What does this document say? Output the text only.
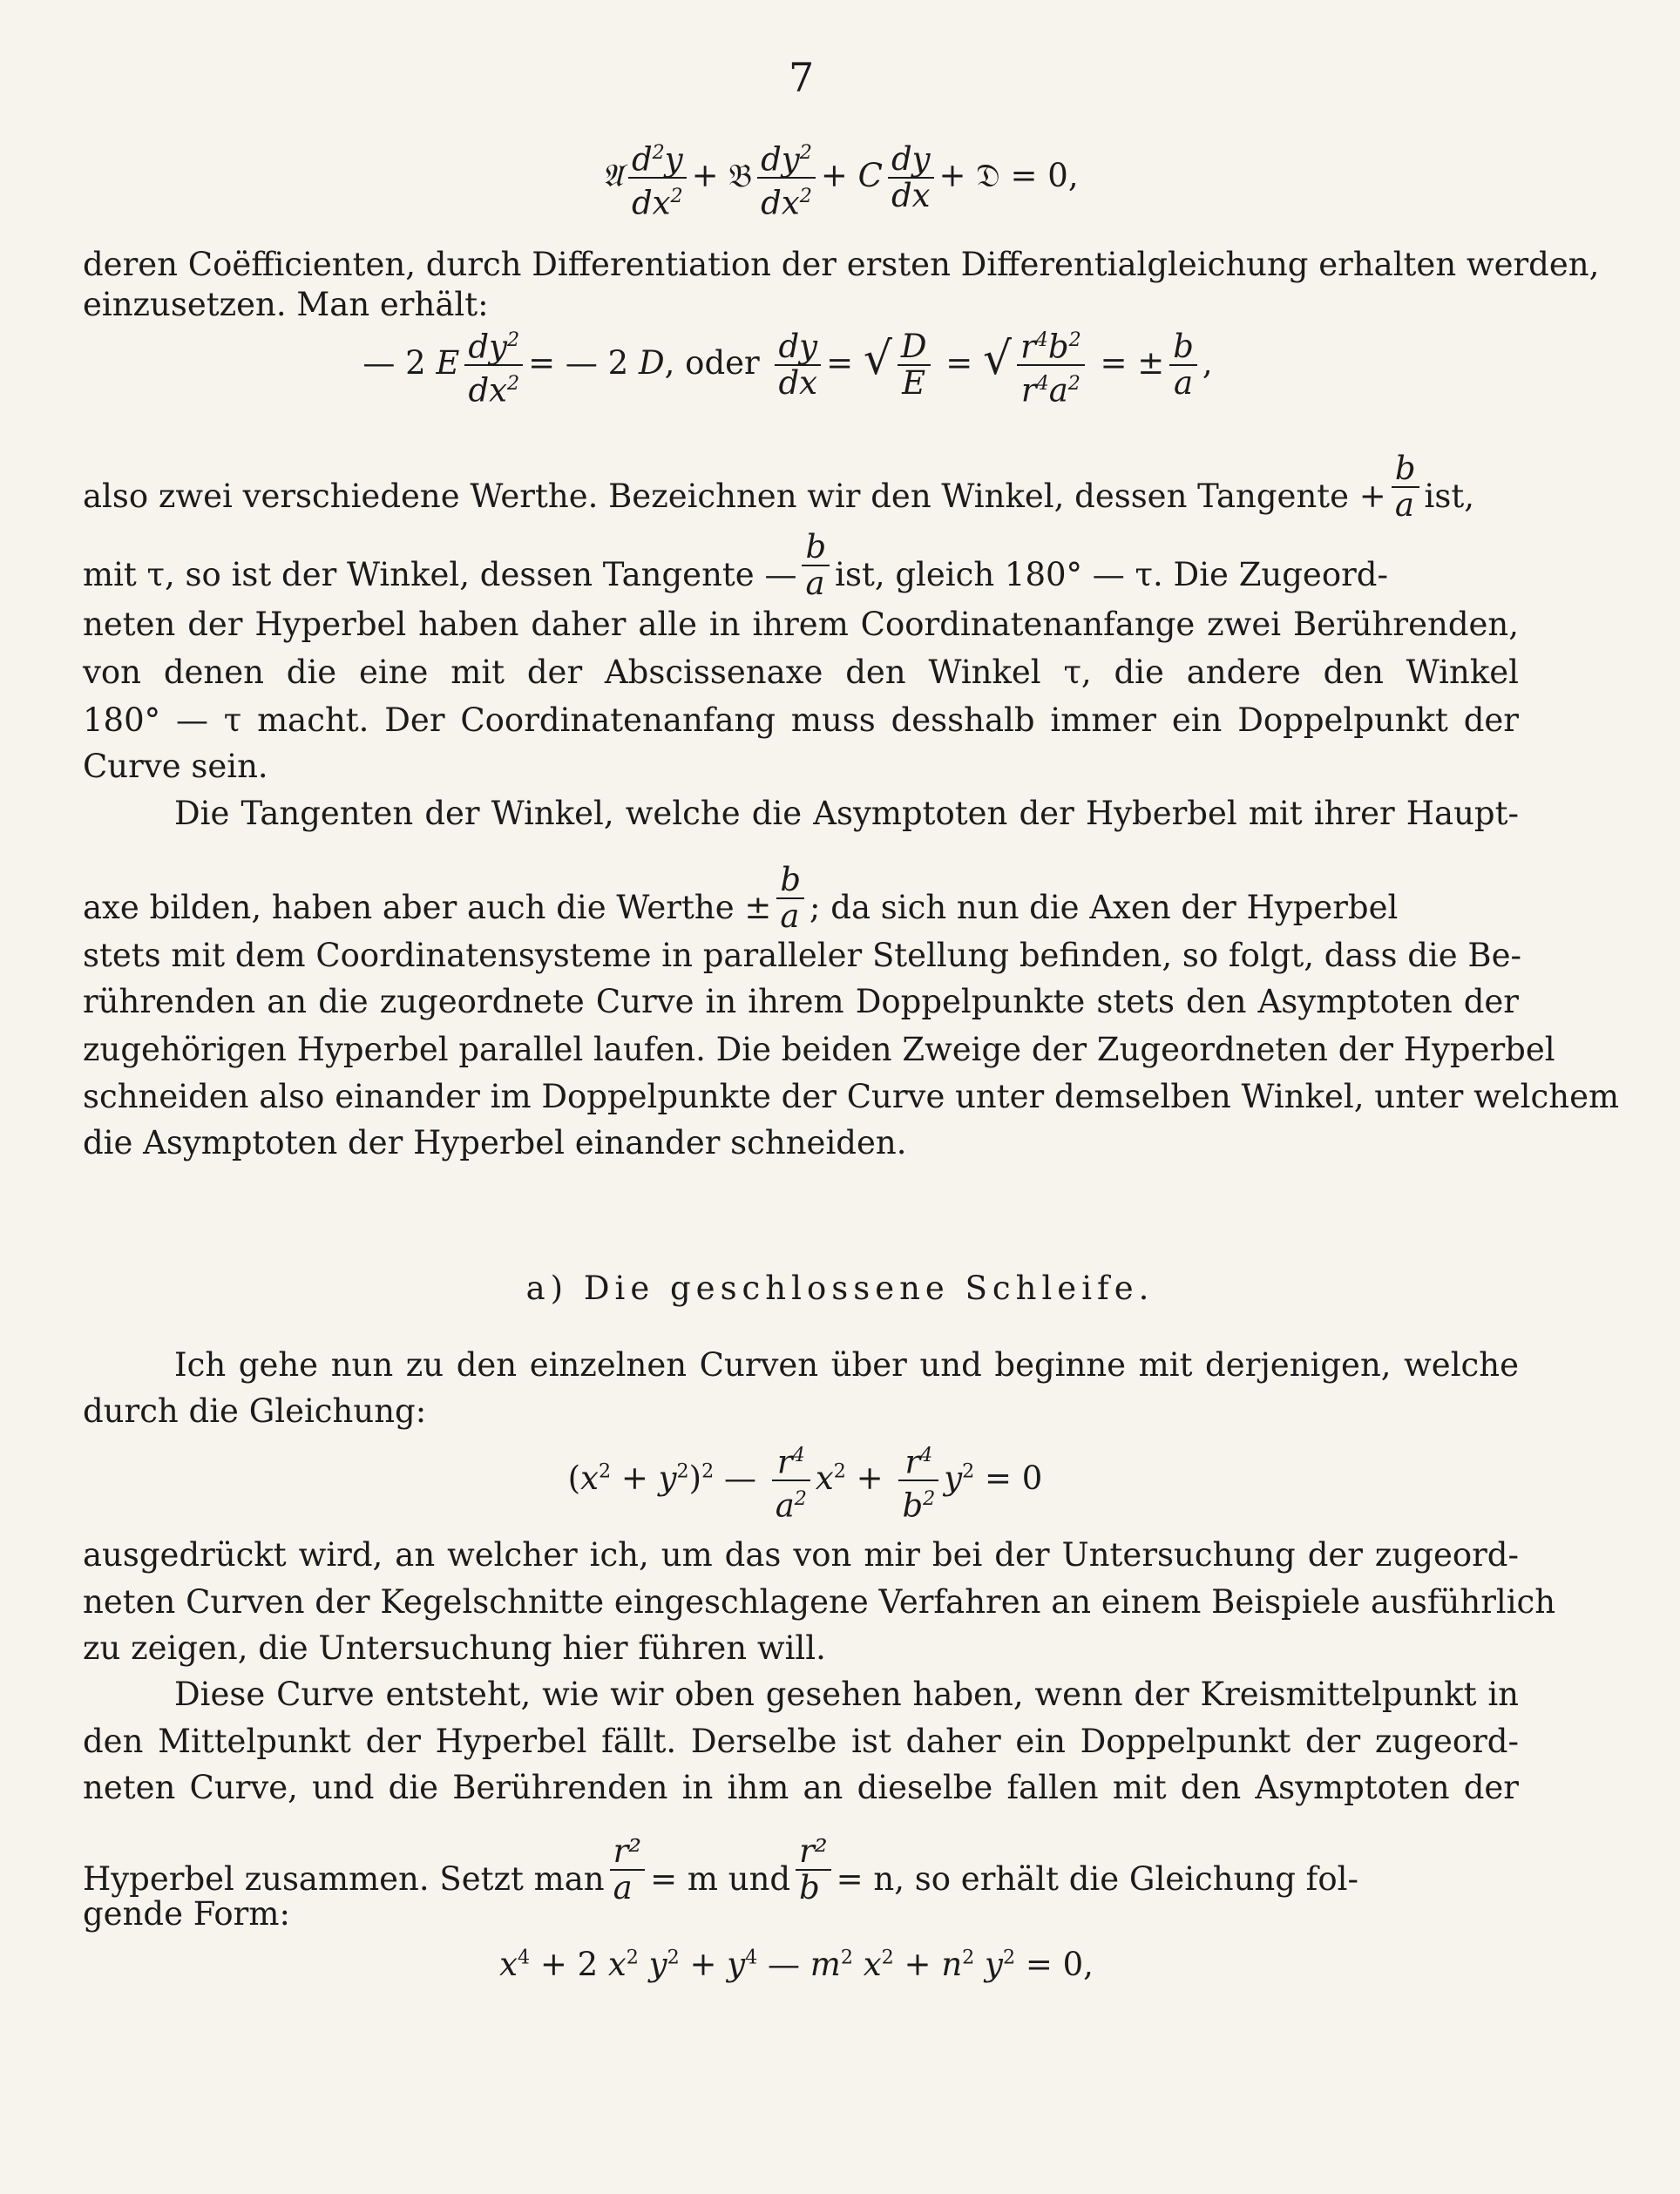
7
𝔄 $\frac{d^2y}{dx^2}$ + 𝔅 $\frac{dy^2}{dx^2} + C \frac{dy}{dx}$ + 𝔇 = 0,
deren Coëfficienten, durch Differentiation der ersten Differentialgleichung erhalten werden,
einzusetzen. Man erhält:
— 2 E $\frac{dy^2}{dx^2}$ = — 2 D, oder $\frac{dy}{dx}$ = √ $\frac{D}{E}$ = √ $\frac{r^4b^2}{r^4a^2}$ = ± $\frac{b}{a}$ ,
also zwei verschiedene Werthe. Bezeichnen wir den Winkel, dessen Tangente + $\frac{b}{a}$ ist,
mit τ, so ist der Winkel, dessen Tangente — $\frac{b}{a}$ ist, gleich 180° — τ. Die Zugeord-
neten der Hyperbel haben daher alle in ihrem Coordinatenanfange zwei Berührenden,
von denen die eine mit der Abscissenaxe den Winkel τ, die andere den Winkel
180° — τ macht. Der Coordinatenanfang muss desshalb immer ein Doppelpunkt der
Curve sein.
Die Tangenten der Winkel, welche die Asymptoten der Hyberbel mit ihrer Haupt-
axe bilden, haben aber auch die Werthe ± $\frac{b}{a}$ ; da sich nun die Axen der Hyperbel
stets mit dem Coordinatensysteme in paralleler Stellung befinden, so folgt, dass die Be-
rührenden an die zugeordnete Curve in ihrem Doppelpunkte stets den Asymptoten der
zugehörigen Hyperbel parallel laufen. Die beiden Zweige der Zugeordneten der Hyperbel
schneiden also einander im Doppelpunkte der Curve unter demselben Winkel, unter welchem
die Asymptoten der Hyperbel einander schneiden.
a) Die geschlossene Schleife.
Ich gehe nun zu den einzelnen Curven über und beginne mit derjenigen, welche
durch die Gleichung:
$(x^2 + y^2)^2$ — $\frac{r^4}{a^2} x^2 + \frac{r^4}{b^2} y^2 = 0$
ausgedrückt wird, an welcher ich, um das von mir bei der Untersuchung der zugeord-
neten Curven der Kegelschnitte eingeschlagene Verfahren an einem Beispiele ausführlich
zu zeigen, die Untersuchung hier führen will.
Diese Curve entsteht, wie wir oben gesehen haben, wenn der Kreismittelpunkt in
den Mittelpunkt der Hyperbel fällt. Derselbe ist daher ein Doppelpunkt der zugeord-
neten Curve, und die Berührenden in ihm an dieselbe fallen mit den Asymptoten der
Hyperbel zusammen. Setzt man $\frac{\text{r²}}{a} = m$ und $\frac{\text{r²}}{b} = n$, so erhält die Gleichung fol-
gende Form:
$x^4 + 2$ $x^2$ $y^2 + y^4$ — $m^2$ $x^2 + n^2$ $y^2 = 0$,
